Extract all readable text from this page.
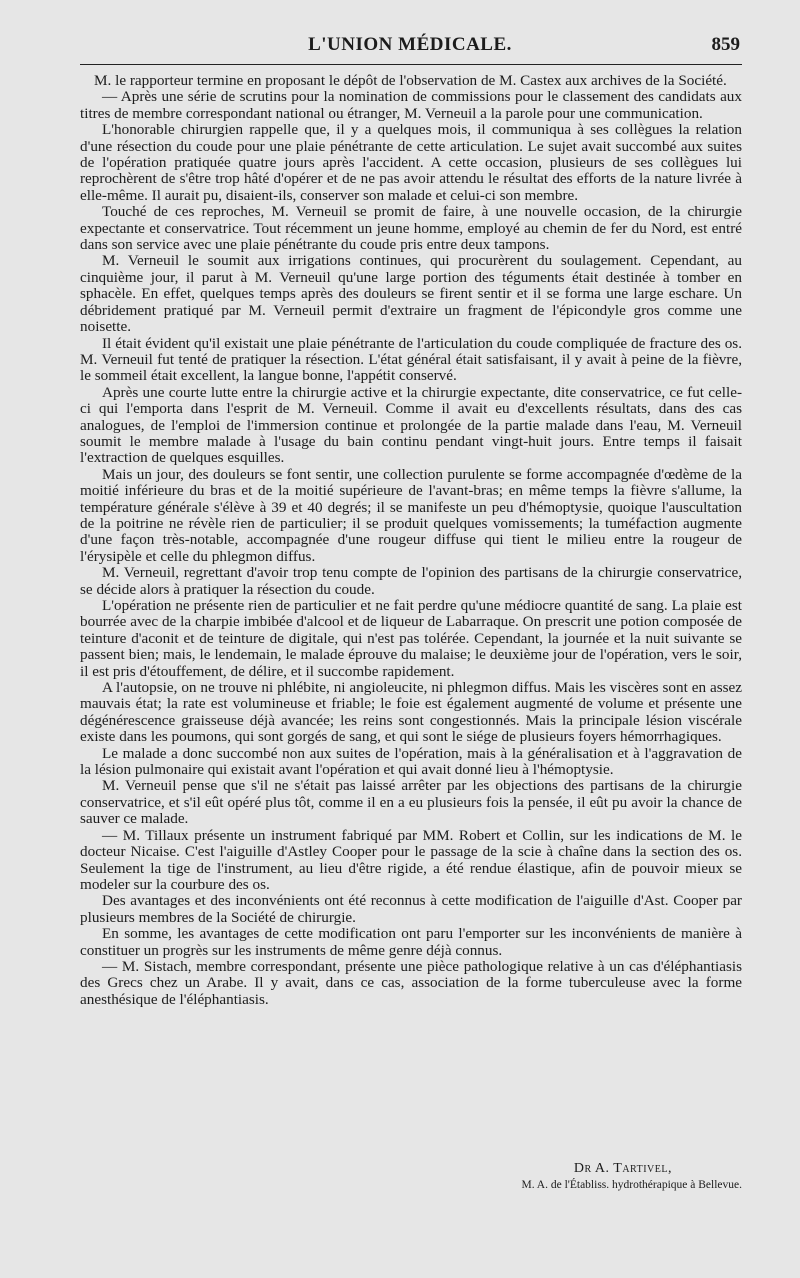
L'UNION MÉDICALE.	859

M. le rapporteur termine en proposant le dépôt de l'observation de M. Castex aux archives de la Société.

— Après une série de scrutins pour la nomination de commissions pour le classement des candidats aux titres de membre correspondant national ou étranger, M. Verneuil a la parole pour une communication.

L'honorable chirurgien rappelle que, il y a quelques mois, il communiqua à ses collègues la relation d'une résection du coude pour une plaie pénétrante de cette articulation. Le sujet avait succombé aux suites de l'opération pratiquée quatre jours après l'accident. A cette occasion, plusieurs de ses collègues lui reprochèrent de s'être trop hâté d'opérer et de ne pas avoir attendu le résultat des efforts de la nature livrée à elle-même. Il aurait pu, disaient-ils, conserver son malade et celui-ci son membre.

Touché de ces reproches, M. Verneuil se promit de faire, à une nouvelle occasion, de la chirurgie expectante et conservatrice. Tout récemment un jeune homme, employé au chemin de fer du Nord, est entré dans son service avec une plaie pénétrante du coude pris entre deux tampons.

M. Verneuil le soumit aux irrigations continues, qui procurèrent du soulagement. Cependant, au cinquième jour, il parut à M. Verneuil qu'une large portion des téguments était destinée à tomber en sphacèle. En effet, quelques temps après des douleurs se firent sentir et il se forma une large eschare. Un débridement pratiqué par M. Verneuil permit d'extraire un fragment de l'épicondyle gros comme une noisette.

Il était évident qu'il existait une plaie pénétrante de l'articulation du coude compliquée de fracture des os. M. Verneuil fut tenté de pratiquer la résection. L'état général était satisfaisant, il y avait à peine de la fièvre, le sommeil était excellent, la langue bonne, l'appétit conservé.

Après une courte lutte entre la chirurgie active et la chirurgie expectante, dite conservatrice, ce fut celle-ci qui l'emporta dans l'esprit de M. Verneuil. Comme il avait eu d'excellents résultats, dans des cas analogues, de l'emploi de l'immersion continue et prolongée de la partie malade dans l'eau, M. Verneuil soumit le membre malade à l'usage du bain continu pendant vingt-huit jours. Entre temps il faisait l'extraction de quelques esquilles.

Mais un jour, des douleurs se font sentir, une collection purulente se forme accompagnée d'œdème de la moitié inférieure du bras et de la moitié supérieure de l'avant-bras; en même temps la fièvre s'allume, la température générale s'élève à 39 et 40 degrés; il se manifeste un peu d'hémoptysie, quoique l'auscultation de la poitrine ne révèle rien de particulier; il se produit quelques vomissements; la tuméfaction augmente d'une façon très-notable, accompagnée d'une rougeur diffuse qui tient le milieu entre la rougeur de l'érysipèle et celle du phlegmon diffus.

M. Verneuil, regrettant d'avoir trop tenu compte de l'opinion des partisans de la chirurgie conservatrice, se décide alors à pratiquer la résection du coude.

L'opération ne présente rien de particulier et ne fait perdre qu'une médiocre quantité de sang. La plaie est bourrée avec de la charpie imbibée d'alcool et de liqueur de Labarraque. On prescrit une potion composée de teinture d'aconit et de teinture de digitale, qui n'est pas tolérée. Cependant, la journée et la nuit suivante se passent bien; mais, le lendemain, le malade éprouve du malaise; le deuxième jour de l'opération, vers le soir, il est pris d'étouffement, de délire, et il succombe rapidement.

A l'autopsie, on ne trouve ni phlébite, ni angioleucite, ni phlegmon diffus. Mais les viscères sont en assez mauvais état; la rate est volumineuse et friable; le foie est également augmenté de volume et présente une dégénérescence graisseuse déjà avancée; les reins sont congestionnés. Mais la principale lésion viscérale existe dans les poumons, qui sont gorgés de sang, et qui sont le siége de plusieurs foyers hémorrhagiques.

Le malade a donc succombé non aux suites de l'opération, mais à la généralisation et à l'aggravation de la lésion pulmonaire qui existait avant l'opération et qui avait donné lieu à l'hémoptysie.

M. Verneuil pense que s'il ne s'était pas laissé arrêter par les objections des partisans de la chirurgie conservatrice, et s'il eût opéré plus tôt, comme il en a eu plusieurs fois la pensée, il eût pu avoir la chance de sauver ce malade.

— M. Tillaux présente un instrument fabriqué par MM. Robert et Collin, sur les indications de M. le docteur Nicaise. C'est l'aiguille d'Astley Cooper pour le passage de la scie à chaîne dans la section des os. Seulement la tige de l'instrument, au lieu d'être rigide, a été rendue élastique, afin de pouvoir mieux se modeler sur la courbure des os.

Des avantages et des inconvénients ont été reconnus à cette modification de l'aiguille d'Ast. Cooper par plusieurs membres de la Société de chirurgie.

En somme, les avantages de cette modification ont paru l'emporter sur les inconvénients de manière à constituer un progrès sur les instruments de même genre déjà connus.

— M. Sistach, membre correspondant, présente une pièce pathologique relative à un cas d'éléphantiasis des Grecs chez un Arabe. Il y avait, dans ce cas, association de la forme tuberculeuse avec la forme anesthésique de l'éléphantiasis.

Dr A. Tartivel,
M. A. de l'Établiss. hydrothérapique à Bellevue.
